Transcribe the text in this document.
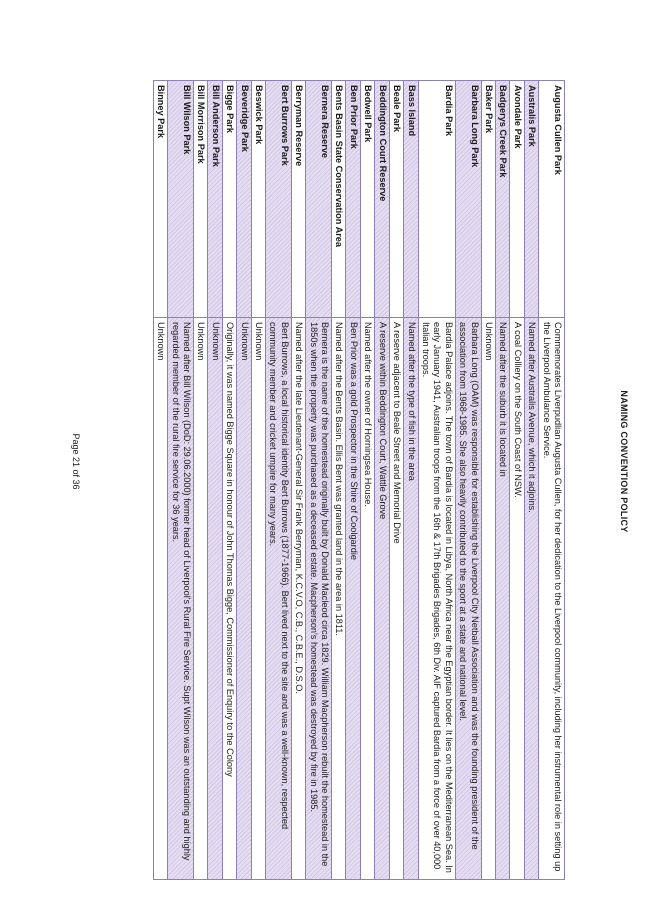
NAMING CONVENTION POLICY
Augusta Cullen Park	Commemorates Liverpudlian Augusta Cullen, for her dedication to the Liverpool community, including her instrumental role in setting up the Liverpool Ambulance Service.
Australis Park	Named after Australis Avenue, which it adjoins.
Avondale Park	A coal Colliery on the South Coast of NSW.
Badgerys Creek Park	Named after the suburb it is located in
Baker Park	Unknown
Barbara Long Park	Barbara Long (OAM) was responsible for establishing the Liverpool City Netball Association and was the founding president of the association from 1968-1985. She also heavily contributed to the sport at a state and national level.
Bardia Park	Bardia Palace adjoins. The town of Bardia is located in Libya, North Africa near the Egyptian border. It lies on the Mediterranean Sea. In early January 1941, Australian troops from the 16th & 17th Brigades Brigades, 6th Div. AIF captured Bardia from a force of over 40,000 Italian troops.
Bass Island	Named after the type of fish in the area
Beale Park	A reserve adjacent to Beale Street and Memorial Drive
Beddington Court Reserve	A reserve within Beddington Court, Wattle Grove
Bedwell Park	Named after the owner of Horningsea House.
Ben Prior Park	Ben Prior was a gold Prospector in the Shire of Coolgardie
Bents Basin State Conservation Area	Named after the Bents Basin. Ellis Bent was granted land in the area in 1811.
Bernera Reserve	Bernera is the name of the homestead originally built by Donald Macleod circa 1829. William Macpherson rebuilt the homestead in the 1850s when the property was purchased as a deceased estate. Macpherson's homestead was destroyed by fire in 1985.
Berryman Reserve	Named after the late Lieutenant-General Sir Frank Berryman, K.C.V.O, C.B., C.B.E., D.S.O.
Bert Burrows Park	Bert Burrows, a local historical identity Bert Burrows (1877-1966). Bert lived next to the site and was a well-known, respected community member and cricket umpire for many years.
Beswick Park	Unknown
Beveridge Park	Unknown
Bigge Park	Originally, it was named Bigge Square in honour of John Thomas Bigge, Commissioner of Enquiry to the Colony
Bill Anderson Park	Unknown
Bill Morrison Park	Unknown
Bill Wilson Park	Named after Bill Wilson (DoD: 29.06.2000) former head of Liverpool's Rural Fire Service. Supt Wilson was an outstanding and highly regarded member of the rural fire service for 36 years.
Binney Park	Unknown
Page 21 of 36
